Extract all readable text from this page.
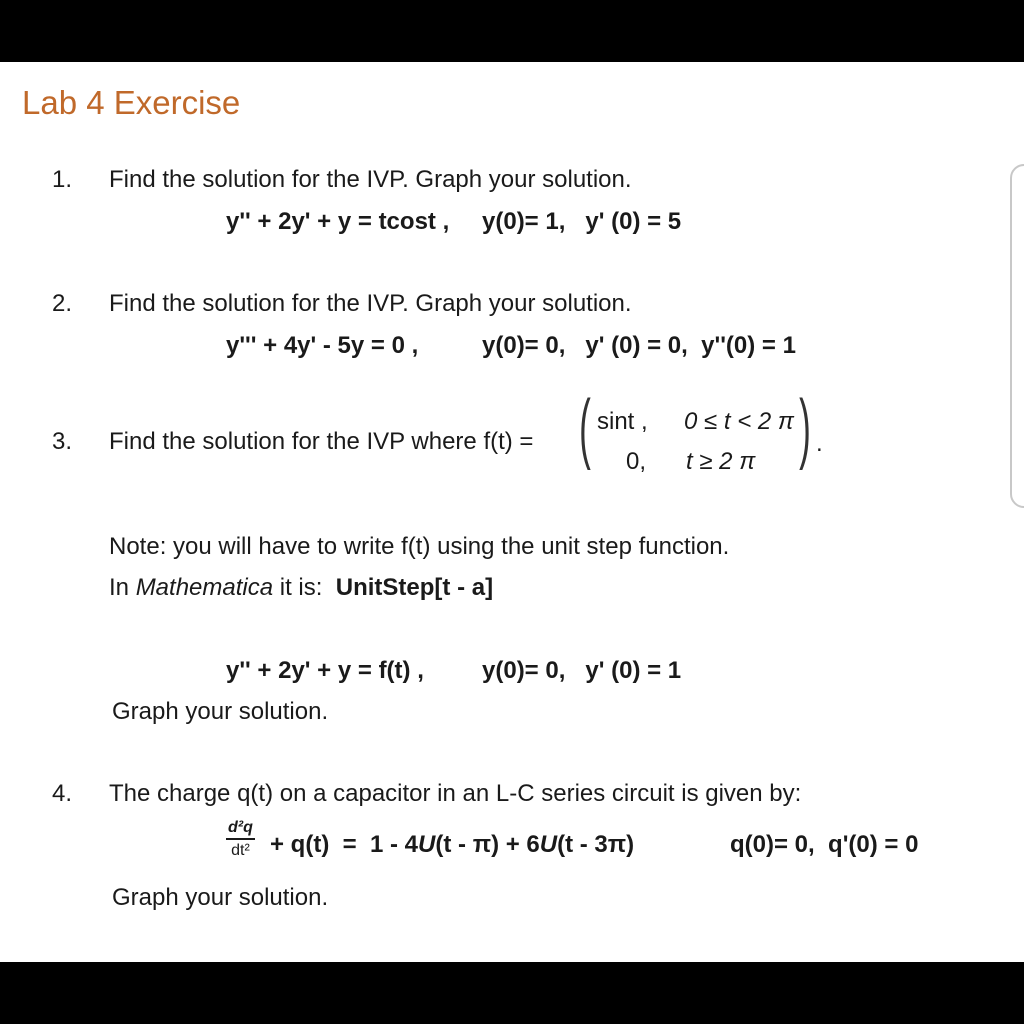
Lab 4 Exercise
1. Find the solution for the IVP. Graph your solution.
y'' + 2y' + y = tcost , y(0)= 1,   y' (0) = 5
2. Find the solution for the IVP. Graph your solution.
y''' + 4y' - 5y = 0 ,	y(0)= 0,   y' (0) = 0,  y''(0) = 1
3. Find the solution for the IVP where f(t) = ( sint , 0 ≤ t < 2 π
0, t ≥ 2 π ) .
Note: you will have to write f(t) using the unit step function.
In Mathematica it is:  UnitStep[t - a]
y'' + 2y' + y = f(t) , y(0)= 0,   y' (0) = 1
Graph your solution.
4. The charge q(t) on a capacitor in an L-C series circuit is given by:
$\frac{\text{d²q}}{\text{dt²}} + q(t) = 1 - 4U(t - \pi) + 6U(t - 3\pi)$	q(0)= 0,  q'(0) = 0
Graph your solution.
